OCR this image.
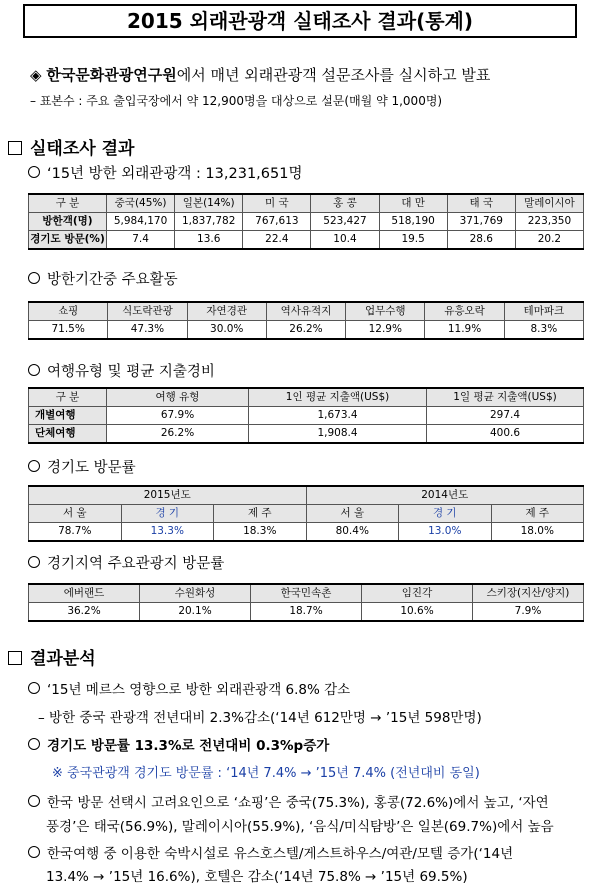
2015 외래관광객 실태조사 결과(통계)
◈ 한국문화관광연구원에서 매년 외래관광객 설문조사를 실시하고 발표
– 표본수 : 주요 출입국장에서 약 12,900명을 대상으로 설문(매월 약 1,000명)
실태조사 결과
‘15년 방한 외래관광객 : 13,231,651명
구 분	중국(45%)	일본(14%)	미 국	홍 콩	대 만	태 국	말레이시아
방한객(명)	5,984,170	1,837,782	767,613	523,427	518,190	371,769	223,350
경기도 방문(%)	7.4	13.6	22.4	10.4	19.5	28.6	20.2
방한기간중 주요활동
쇼핑	식도락관광	자연경관	역사유적지	업무수행	유흥오락	테마파크
71.5%	47.3%	30.0%	26.2%	12.9%	11.9%	8.3%
여행유형 및 평균 지출경비
구 분	여행 유형	1인 평균 지출액(US$)	1일 평균 지출액(US$)
개별여행	67.9%	1,673.4	297.4
단체여행	26.2%	1,908.4	400.6
경기도 방문률
2015년도			2014년도		
서 울	경 기	제 주	서 울	경 기	제 주
78.7%	13.3%	18.3%	80.4%	13.0%	18.0%
경기지역 주요관광지 방문률
에버랜드	수원화성	한국민속촌	임진각	스키장(지산/양지)
36.2%	20.1%	18.7%	10.6%	7.9%
결과분석
‘15년 메르스 영향으로 방한 외래관광객 6.8% 감소
– 방한 중국 관광객 전년대비 2.3%감소(‘14년 612만명 → ’15년 598만명)
경기도 방문률 13.3%로 전년대비 0.3%p증가
※ 중국관광객 경기도 방문률 : ‘14년 7.4% → ’15년 7.4% (전년대비 동일)
한국 방문 선택시 고려요인으로 ‘쇼핑’은 중국(75.3%), 홍콩(72.6%)에서 높고, ‘자연
풍경’은 태국(56.9%), 말레이시아(55.9%), ‘음식/미식탐방’은 일본(69.7%)에서 높음
한국여행 중 이용한 숙박시설로 유스호스텔/게스트하우스/여관/모텔 증가(‘14년
13.4% → ’15년 16.6%), 호텔은 감소(‘14년 75.8% → ’15년 69.5%)
